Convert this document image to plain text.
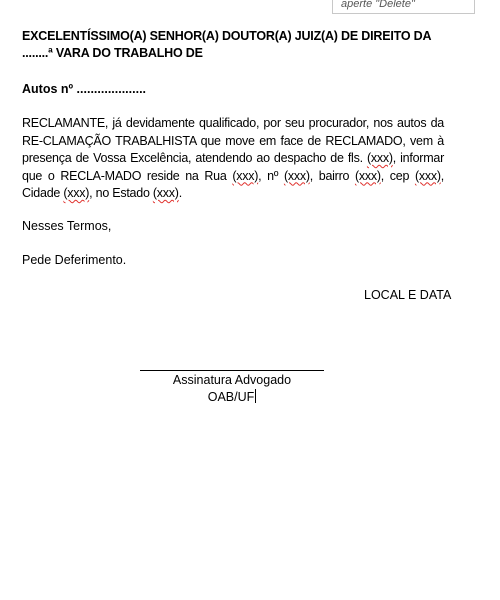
aperte "Delete"
EXCELENTÍSSIMO(A) SENHOR(A) DOUTOR(A) JUIZ(A) DE DIREITO DA ........ª VARA DO TRABALHO DE
Autos nº ....................
RECLAMANTE, já devidamente qualificado, por seu procurador, nos autos da RE-CLAMAÇÃO TRABALHISTA que move em face de RECLAMADO, vem à presença de Vossa Excelência, atendendo ao despacho de fls. (xxx), informar que o RECLA-MADO reside na Rua (xxx), nº (xxx), bairro (xxx), cep (xxx), Cidade (xxx), no Estado (xxx).
Nesses Termos,
Pede Deferimento.
LOCAL E DATA
Assinatura Advogado
OAB/UF
